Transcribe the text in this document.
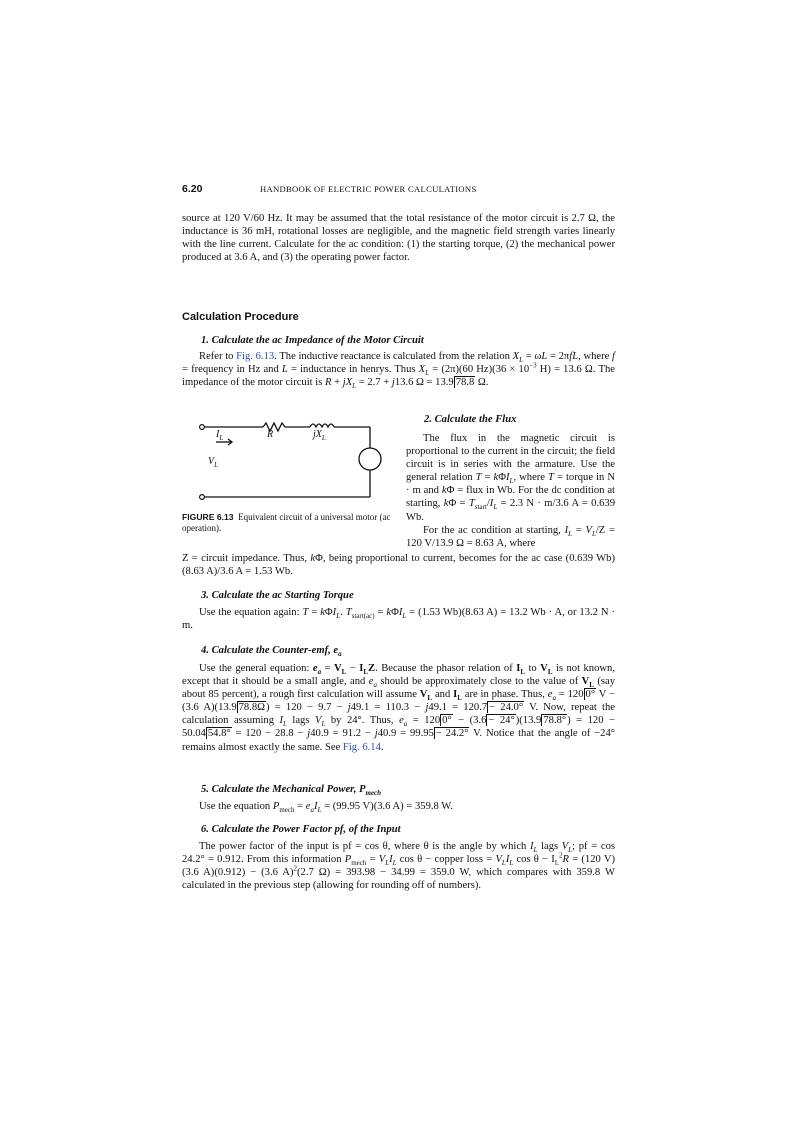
6.20	HANDBOOK OF ELECTRIC POWER CALCULATIONS

source at 120 V/60 Hz. It may be assumed that the total resistance of the motor circuit is 2.7 Ω, the inductance is 36 mH, rotational losses are negligible, and the magnetic field strength varies linearly with the line current. Calculate for the ac condition: (1) the starting torque, (2) the mechanical power produced at 3.6 A, and (3) the operating power factor.

Calculation Procedure
1. Calculate the ac Impedance of the Motor Circuit

Refer to Fig. 6.13. The inductive reactance is calculated from the relation $X_L = \omega L = 2\pi fL$, where f = frequency in Hz and L = inductance in henrys. Thus $X_L = (2\pi)(60$ $Hz)(36 \times 10^{-3}$ H) = 13.6 Ω. The impedance of the motor circuit is $R + jX_L = 2.7 + j13.6$ Ω = 13.9 78.8 Ω.

$I_L$	R	$jX_L$
$V_L$
FIGURE 6.13 Equivalent circuit of a universal motor (ac operation).
2. Calculate the Flux

The flux in the magnetic circuit is proportional to the current in the circuit; the field circuit is in series with the armature. Use the general relation T = kΦI$_L$, where T = torque in N · m and kΦ = flux in Wb. For the dc condition at starting, $k\Phi = T_{start}/I_L = 2.3$ N · m/3.6 A = 0.639 Wb.

For the ac condition at starting, $I_L = V_L/Z = 120$ V/13.9 Ω = 8.63 A, where

Z = circuit impedance. Thus, kΦ, being proportional to current, becomes for the ac case (0.639 Wb)(8.63 A)/3.6 A = 1.53 Wb.

3. Calculate the ac Starting Torque

Use the equation again: T = kΦI$_L$. $T_{start(ac)} = k\Phi I_L = (1.53$ Wb)(8.63 A) = 13.2 Wb · A, or 13.2 N · m.

4. Calculate the Counter-emf, $e_a$

Use the general equation: $e_a = V_L - I_LZ$. Because the phasor relation of $I_L$ to $V_L$ is not known, except that it should be a small angle, and $e_a$ should be approximately close to the value of $V_L$ (say about 85 percent), a rough first calculation will assume $V_L$ and $I_L$ are in phase. Thus, $e_a = 120$ 0° V − (3.6 A)(13.9 78.8Ω) = 120 − 9.7 − j49.1 = 110.3 − j49.1 = 120.7 − 24.0° V. Now, repeat the calculation assuming $I_L$ lags $V_L$ by 24°. Thus, $e_a = 120$ 0° − (3.6 − 24°)(13.9 78.8°) = 120 − 50.04 54.8° = 120 − 28.8 − j40.9 = 91.2 − j40.9 = 99.95 − 24.2° V. Notice that the angle of −24° remains almost exactly the same. See Fig. 6.14.

5. Calculate the Mechanical Power, $P_{mech}$

Use the equation $P_{mech} = e_aI_L = (99.95$ V)(3.6 A) = 359.8 W.

6. Calculate the Power Factor pf, of the Input

The power factor of the input is pf = cos θ, where θ is the angle by which $I_L$ lags $V_L$; pf = cos 24.2° = 0.912. From this information $P_{mech} = V_LI_L$ cos θ − copper loss = $V_LI_L$ $\cos \theta - I_L^2R = (120$ V)(3.6 A)(0.912) − (3.6 A)$^2$(2.7 Ω) = 393.98 − 34.99 = 359.0 W, which compares with 359.8 W calculated in the previous step (allowing for rounding off of numbers).
